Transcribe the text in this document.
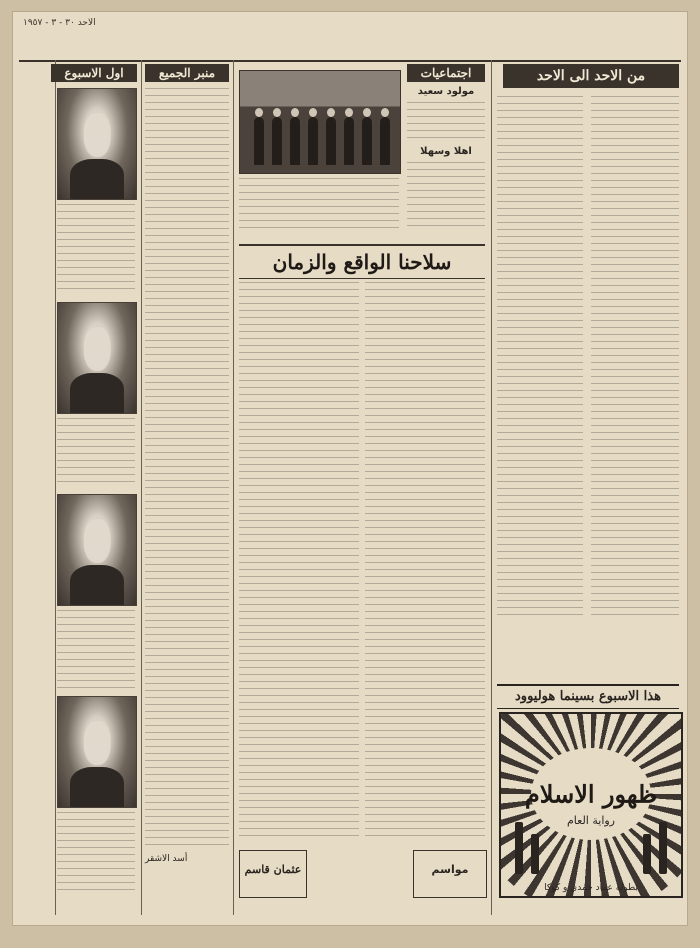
الاحد ٣٠ - ٣ - ١٩٥٧
اول الاسبوع	منبر الجميع
أسد الاشقر
اجتماعيات
مولود سعيد
اهلا وسهلا
سلاحنا الواقع والزمان
عثمان قاسم	مواسم
من الاحد الى الاحد
هذا الاسبوع بسينما هوليوود
ظهور الاسلام
رواية العام
بطولة عماد حمدي و كوكا
